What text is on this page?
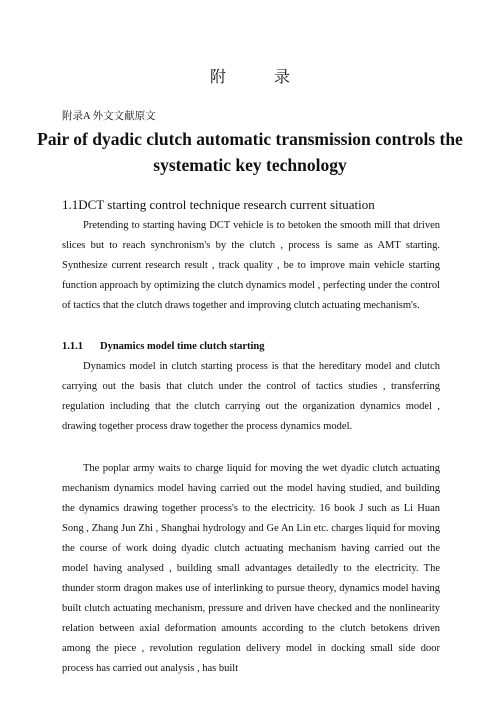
附 录
附录A 外文文献原文
Pair of dyadic clutch automatic transmission controls the systematic key technology
1.1DCT starting control technique research current situation

Pretending to starting having DCT vehicle is to betoken the smooth mill that driven slices but to reach synchronism's by the clutch , process is same as AMT starting. Synthesize current research result , track quality , be to improve main vehicle starting function approach by optimizing the clutch dynamics model , perfecting under the control of tactics that the clutch draws together and improving clutch actuating mechanism's.

1.1.1 Dynamics model time clutch starting

Dynamics model in clutch starting process is that the hereditary model and clutch carrying out the basis that clutch under the control of tactics studies , transferring regulation including that the clutch carrying out the organization dynamics model , drawing together process draw together the process dynamics model.

The poplar army waits to charge liquid for moving the wet dyadic clutch actuating mechanism dynamics model having carried out the model having studied, and building the dynamics drawing together process's to the electricity. 16 book J such as Li Huan Song , Zhang Jun Zhi , Shanghai hydrology and Ge An Lin etc. charges liquid for moving the course of work doing dyadic clutch actuating mechanism having carried out the model having analysed , building small advantages detailedly to the electricity. The thunder storm dragon makes use of interlinking to pursue theory, dynamics model having built clutch actuating mechanism, pressure and driven have checked and the nonlinearity relation between axial deformation amounts according to the clutch betokens driven among the piece , revolution regulation delivery model in docking small side door process has carried out analysis , has built
